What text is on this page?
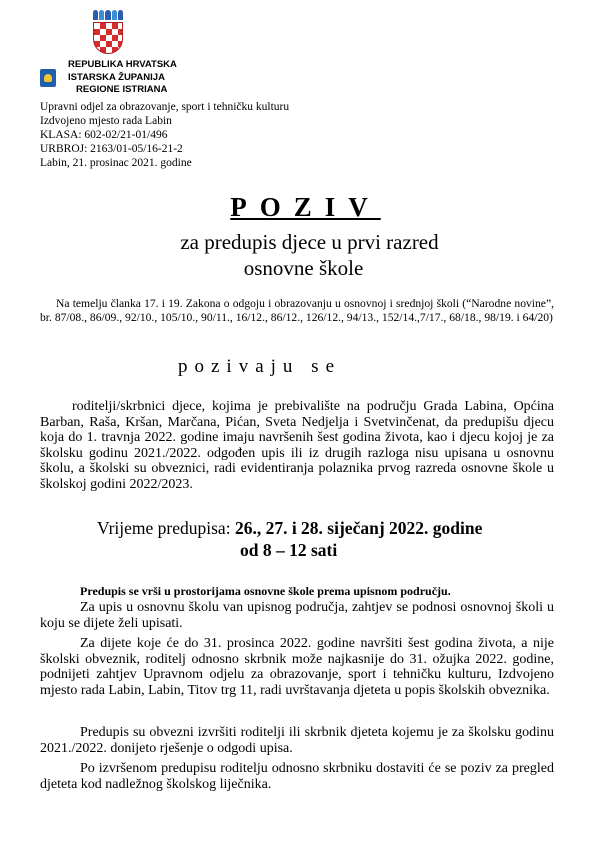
REPUBLIKA HRVATSKA
ISTARSKA ŽUPANIJA
REGIONE ISTRIANA
Upravni odjel za obrazovanje, sport i tehničku kulturu
Izdvojeno mjesto rada Labin
KLASA: 602-02/21-01/496
URBROJ: 2163/01-05/16-21-2
Labin, 21. prosinac 2021. godine
POZIV
za predupis djece u prvi razred
osnovne škole
Na temelju članka 17. i 19. Zakona o odgoju i obrazovanju u osnovnoj i srednjoj školi (“Narodne novine”, br. 87/08., 86/09., 92/10., 105/10., 90/11., 16/12., 86/12., 126/12., 94/13., 152/14.,7/17., 68/18., 98/19. i 64/20)
pozivaju se
roditelji/skrbnici djece, kojima je prebivalište na području Grada Labina, Općina Barban, Raša, Kršan, Marčana, Pićan, Sveta Nedjelja i Svetvinčenat, da predupišu djecu koja do 1. travnja 2022. godine imaju navršenih šest godina života, kao i djecu kojoj je za školsku godinu 2021./2022. odgođen upis ili iz drugih razloga nisu upisana u osnovnu školu, a školski su obveznici, radi evidentiranja polaznika prvog razreda osnovne škole u školskoj godini 2022/2023.
Vrijeme predupisa: 26., 27. i 28. siječanj 2022. godine
od 8 – 12 sati
Predupis se vrši u prostorijama osnovne škole prema upisnom području.
Za upis u osnovnu školu van upisnog područja, zahtjev se podnosi osnovnoj školi u koju se dijete želi upisati.
Za dijete koje će do 31. prosinca 2022. godine navršiti šest godina života, a nije školski obveznik, roditelj odnosno skrbnik može najkasnije do 31. ožujka 2022. godine, podnijeti zahtjev Upravnom odjelu za obrazovanje, sport i tehničku kulturu, Izdvojeno mjesto rada Labin, Labin, Titov trg 11, radi uvrštavanja djeteta u popis školskih obveznika.
Predupis su obvezni izvršiti roditelji ili skrbnik djeteta kojemu je za školsku godinu 2021./2022. donijeto rješenje o odgodi upisa.
Po izvršenom predupisu roditelju odnosno skrbniku dostaviti će se poziv za pregled djeteta kod nadležnog školskog liječnika.
